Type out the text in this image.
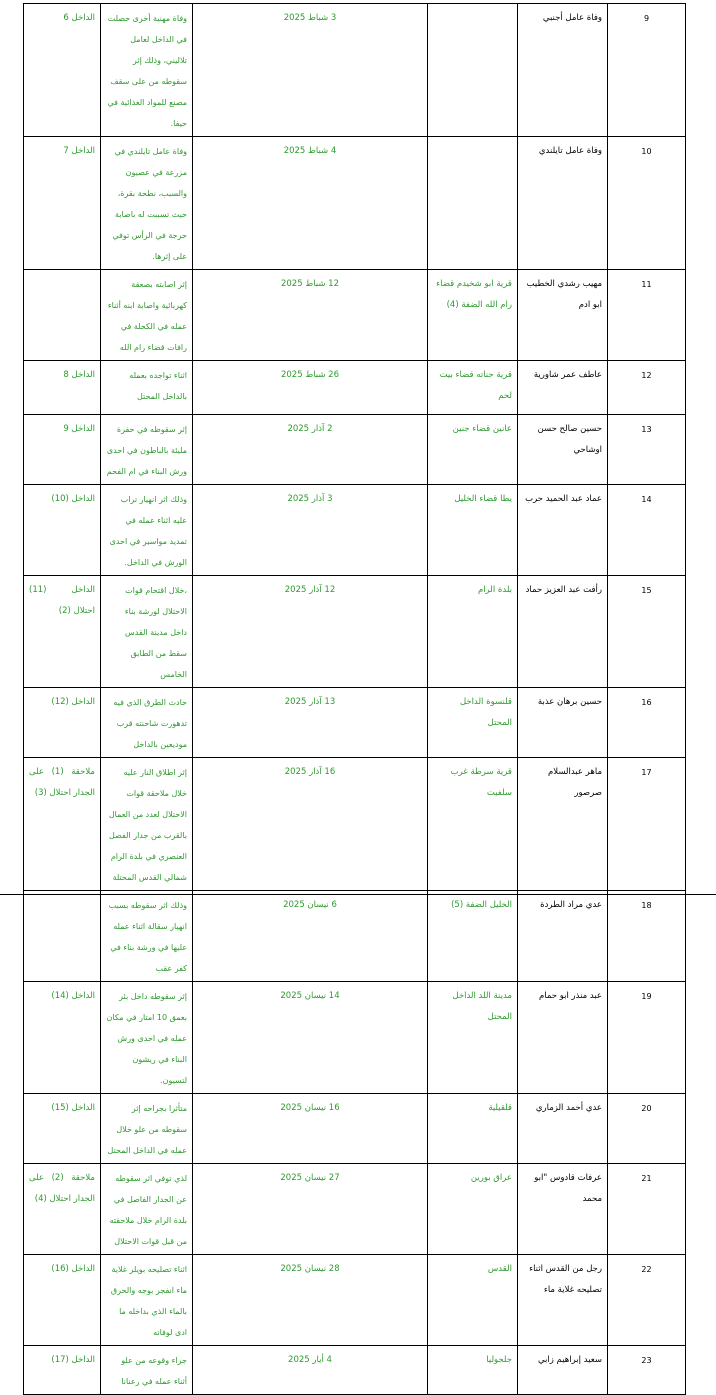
9	وفاة عامل أجنبي		3 شباط 2025	وفاة مهنية أخرى حصلت في الداخل لعامل تلاليني، وذلك إثر سقوطه من على سقف مصنع للمواد الغذائية في حيفا.	الداخل 6
10	وفاة عامل تايلندي		4 شباط 2025	وفاة عامل تايلندي في مزرعة في عصيون والسبب، نطحة بقرة، حيث تسببت له باصابة حرجة في الرأس توفي على إثرها.	الداخل 7
11	مهيب رشدي الخطيب ابو ادم	قرية ابو شخيدم قضاء رام الله الضفة (4)	12 شباط 2025	إثر اصابته بصعقة كهربائية واصابة ابنه أثناء عمله في الكحلة في رافات قضاء رام الله	
12	عاطف عمر شاورية	قرية جناته قضاء بيت لحم	26 شباط 2025	اثناء تواجده بعمله بالداخل المحتل	الداخل 8
13	حسين صالح حسن اوشاحي	عانين قضاء جنين	2 آذار 2025	إثر سقوطه في حفرة مليئة بالباطون في احدى ورش البناء في ام الفحم	الداخل 9
14	عماد عبد الحميد حرب	يطا قضاء الخليل	3 آذار 2025	وذلك اثر انهيار تراب عليه اثناء عمله في تمديد مواسير في احدى الورش في الداخل.	الداخل (10)
15	رأفت عبد العزيز حماد	بلدة الرام	12 آذار 2025	،خلال اقتحام قوات الاحتلال لورشة بناء داخل مدينة القدس سقط من الطابق الخامس	الداخل (11) احتلال (2)
16	حسين برهان عذبة	قلنسوة الداخل المحتل	13 آذار 2025	حادث الطرق الذي فيه تدهورت شاحنته قرب موديعين بالداخل	الداخل (12)
17	ماهر عبدالسلام صرصور	قرية سرطة غرب سلفيت	16 آذار 2025	إثر اطلاق النار عليه خلال ملاحقة قوات الاحتلال لعدد من العمال بالقرب من جدار الفصل العنصري في بلدة الرام شمالي القدس المحتلة	ملاحقة (1) على الجدار احتلال (3)
18	عدي مراد الطردة	الخليل الضفة (5)	6 نيسان 2025	وذلك اثر سقوطه بسبب انهيار سقالة اثناء عمله عليها في ورشة بناء في كفر عقب	
19	عبد منذر ابو حمام	مدينة اللد الداخل المحتل	14 نيسان 2025	إثر سقوطه داخل بئر بعمق 10 امتار في مكان عمله في احدى ورش البناء في ريشون لتسيون.	الداخل (14)
20	عدي أحمد الزماري	قلقيلية	16 نيسان 2025	متأثرا بجراحه إثر سقوطه من علو خلال عمله في الداخل المحتل	الداخل (15)
21	عرفات قادوس "ابو محمد	عراق بورين	27 نيسان 2025	لذي توفي اثر سقوطه عن الجدار الفاصل في بلدة الرام خلال ملاحقته من قبل قوات الاحتلال	ملاحقة (2) على الجدار احتلال (4)
22	رجل من القدس اثناء تصليحه غلاية ماء	القدس	28 نيسان 2025	اثناء تصليحه بويلر غلاية ماء انفجر بوجه والحرق بالماء الذي بداخله ما ادى لوفاته	الداخل (16)
23	سعيد إبراهيم زابي	جلجوليا	4 أيار 2025	جراء وقوعه من علو أثناء عمله في رعنانا	الداخل (17)
